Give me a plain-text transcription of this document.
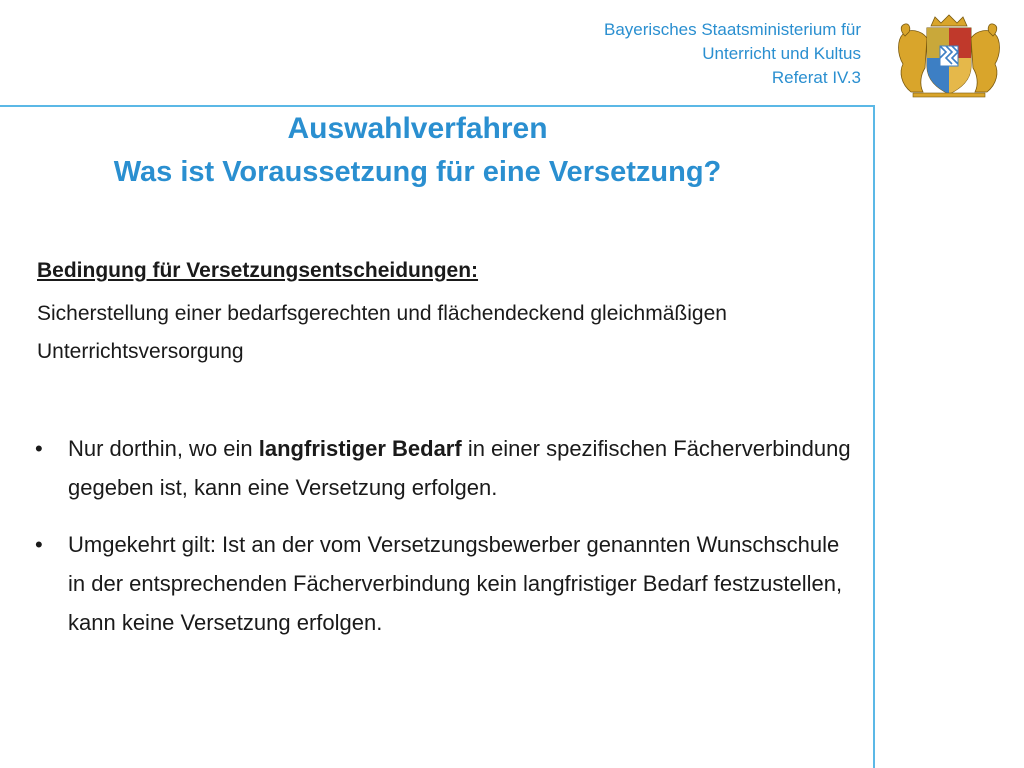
Bayerisches Staatsministerium für
Unterricht und Kultus
Referat IV.3
Auswahlverfahren
Was ist Voraussetzung für eine Versetzung?
Bedingung für Versetzungsentscheidungen:
Sicherstellung einer bedarfsgerechten und flächendeckend gleichmäßigen Unterrichtsversorgung
• Nur dorthin, wo ein langfristiger Bedarf in einer spezifischen Fächerverbindung gegeben ist, kann eine Versetzung erfolgen.
• Umgekehrt gilt: Ist an der vom Versetzungsbewerber genannten Wunschschule in der entsprechenden Fächerverbindung kein langfristiger Bedarf festzustellen, kann keine Versetzung erfolgen.
